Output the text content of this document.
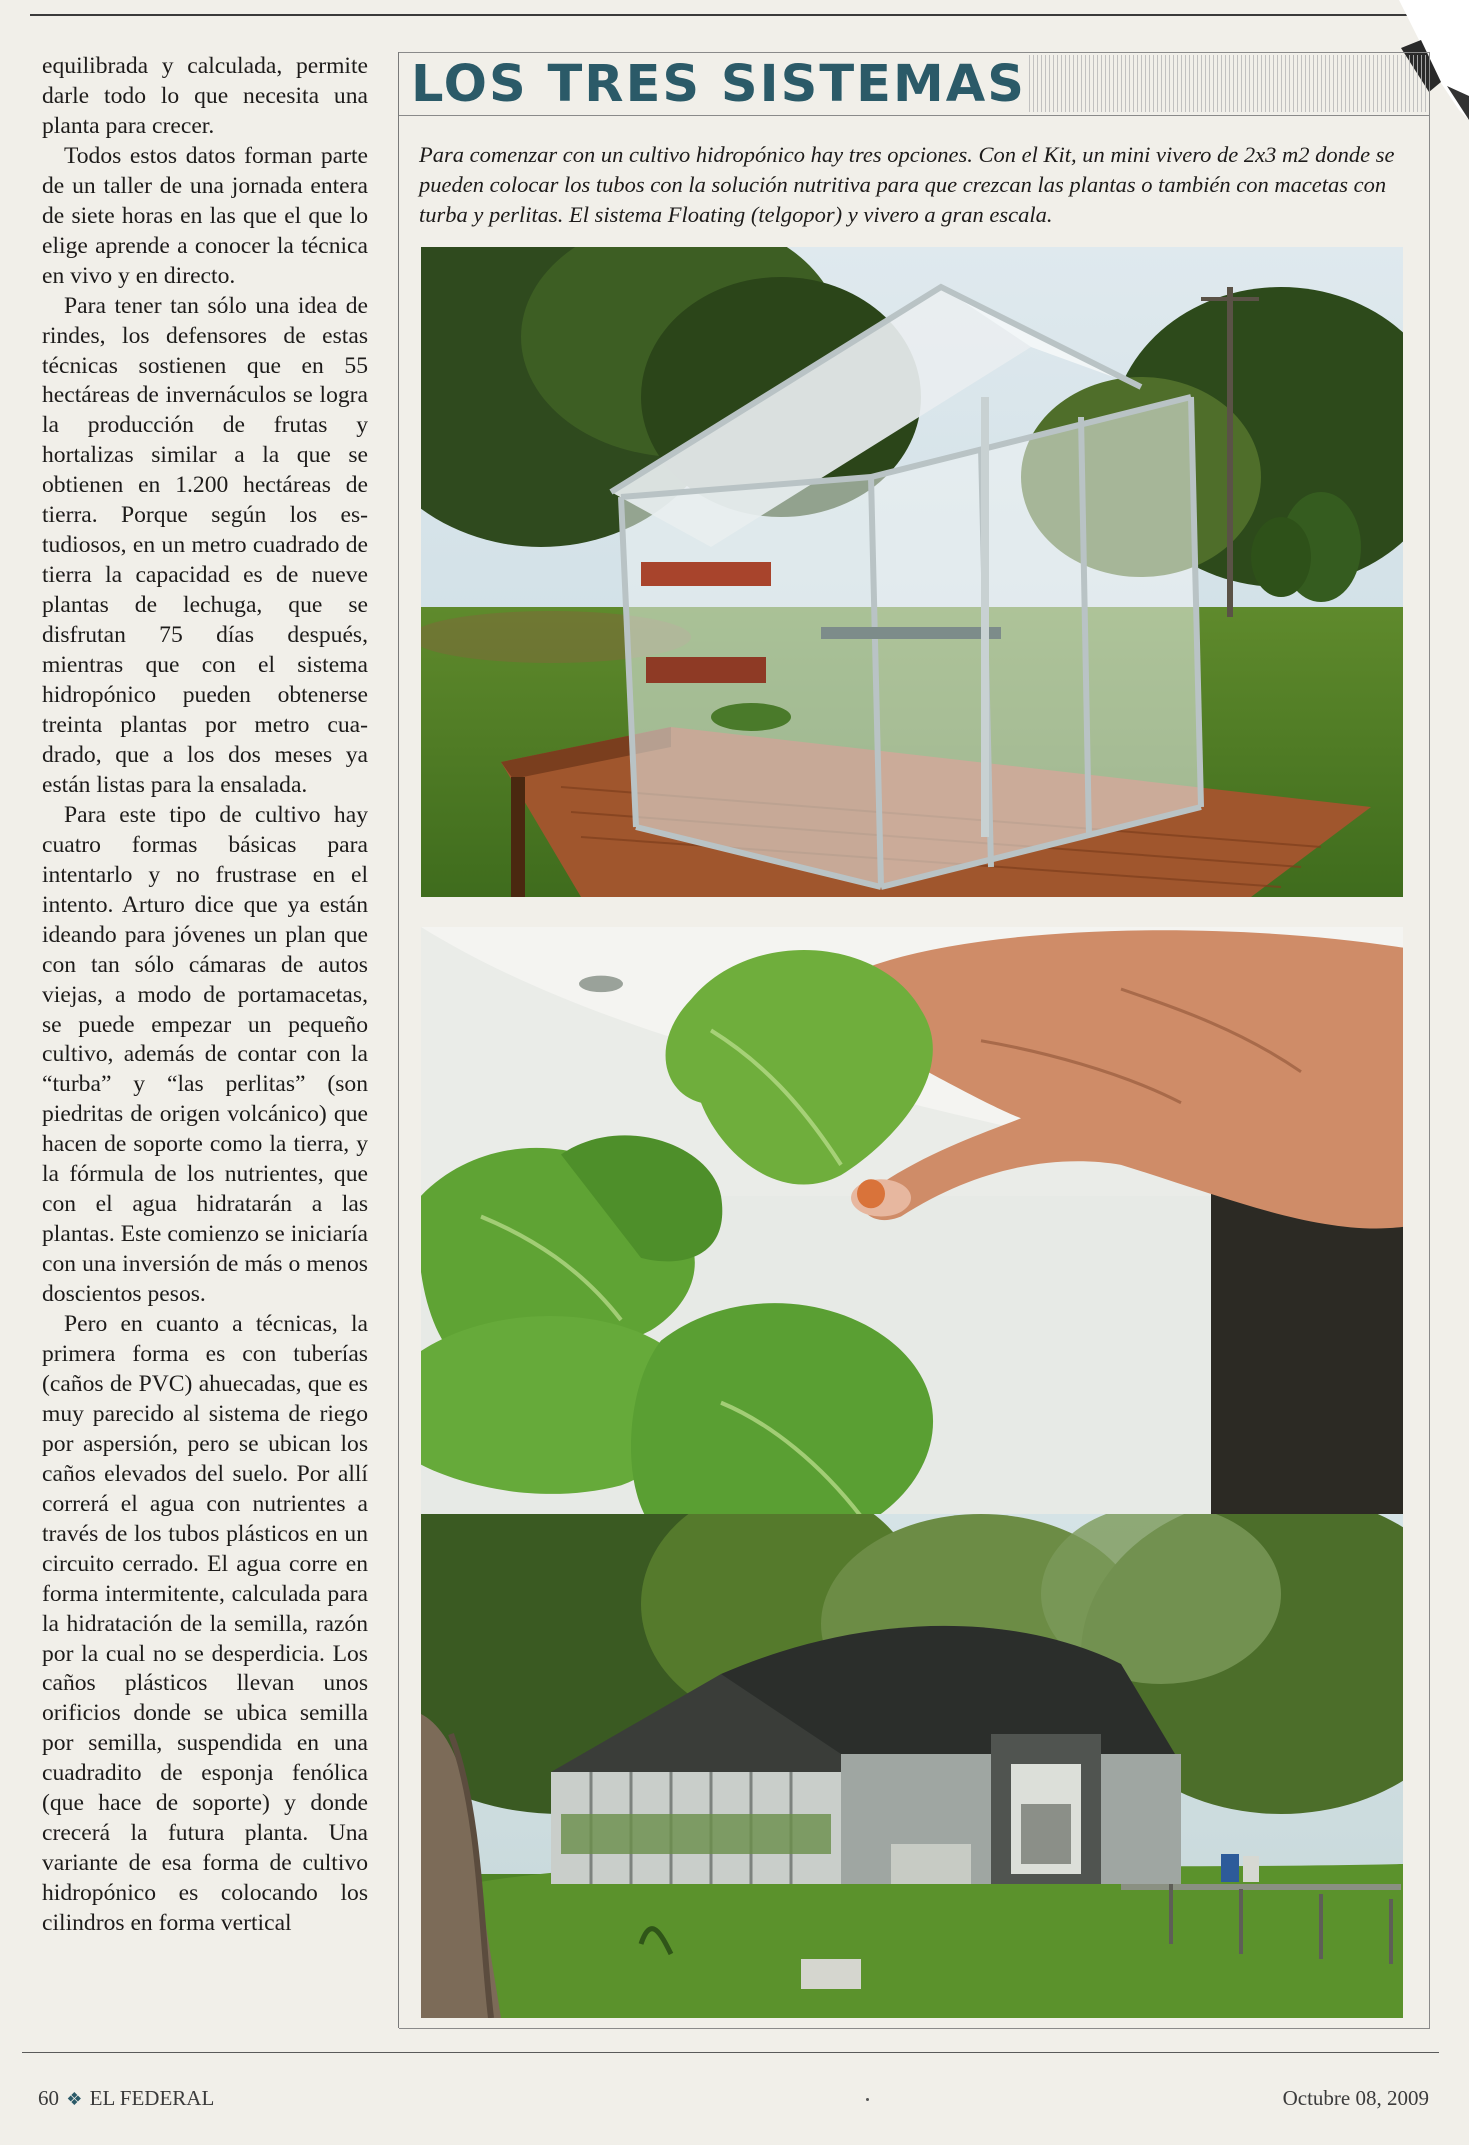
equilibrada y calculada, permite darle todo lo que necesita una planta para crecer.

Todos estos datos forman parte de un taller de una jornada entera de siete horas en las que el que lo elige aprende a conocer la técnica en vivo y en directo.

Para tener tan sólo una idea de rindes, los defensores de estas técnicas sostienen que en 55 hectáreas de invernáculos se logra la producción de frutas y hortalizas similar a la que se obtienen en 1.200 hectáreas de tierra. Porque según los estudiosos, en un metro cuadrado de tierra la capacidad es de nueve plantas de lechuga, que se disfrutan 75 días después, mientras que con el sistema hidropónico pueden obtenerse treinta plantas por metro cuadrado, que a los dos meses ya están listas para la ensalada.

Para este tipo de cultivo hay cuatro formas básicas para intentarlo y no frustrase en el intento. Arturo dice que ya están ideando para jóvenes un plan que con tan sólo cámaras de autos viejas, a modo de portamacetas, se puede empezar un pequeño cultivo, además de contar con la “turba” y “las perlitas” (son piedritas de origen volcánico) que hacen de soporte como la tierra, y la fórmula de los nutrientes, que con el agua hidratarán a las plantas. Este comienzo se iniciaría con una inversión de más o menos doscientos pesos.

Pero en cuanto a técnicas, la primera forma es con tuberías (caños de PVC) ahuecadas, que es muy parecido al sistema de riego por aspersión, pero se ubican los caños elevados del suelo. Por allí correrá el agua con nutrientes a través de los tubos plásticos en un circuito cerrado. El agua corre en forma intermitente, calculada para la hidratación de la semilla, razón por la cual no se desperdicia. Los caños plásticos llevan unos orificios donde se ubica semilla por semilla, suspendida en una cuadradito de esponja fenólica (que hace de soporte) y donde crecerá la futura planta. Una variante de esa forma de cultivo hidropónico es colocando los cilindros en forma vertical

LOS TRES SISTEMAS
Para comenzar con un cultivo hidropónico hay tres opciones. Con el Kit, un mini vivero de 2x3 m2 donde se pueden colocar los tubos con la solución nutritiva para que crezcan las plantas o también con macetas con turba y perlitas. El sistema Floating (telgopor) y vivero a gran escala.
60 ❖ EL FEDERAL	Octubre 08, 2009
